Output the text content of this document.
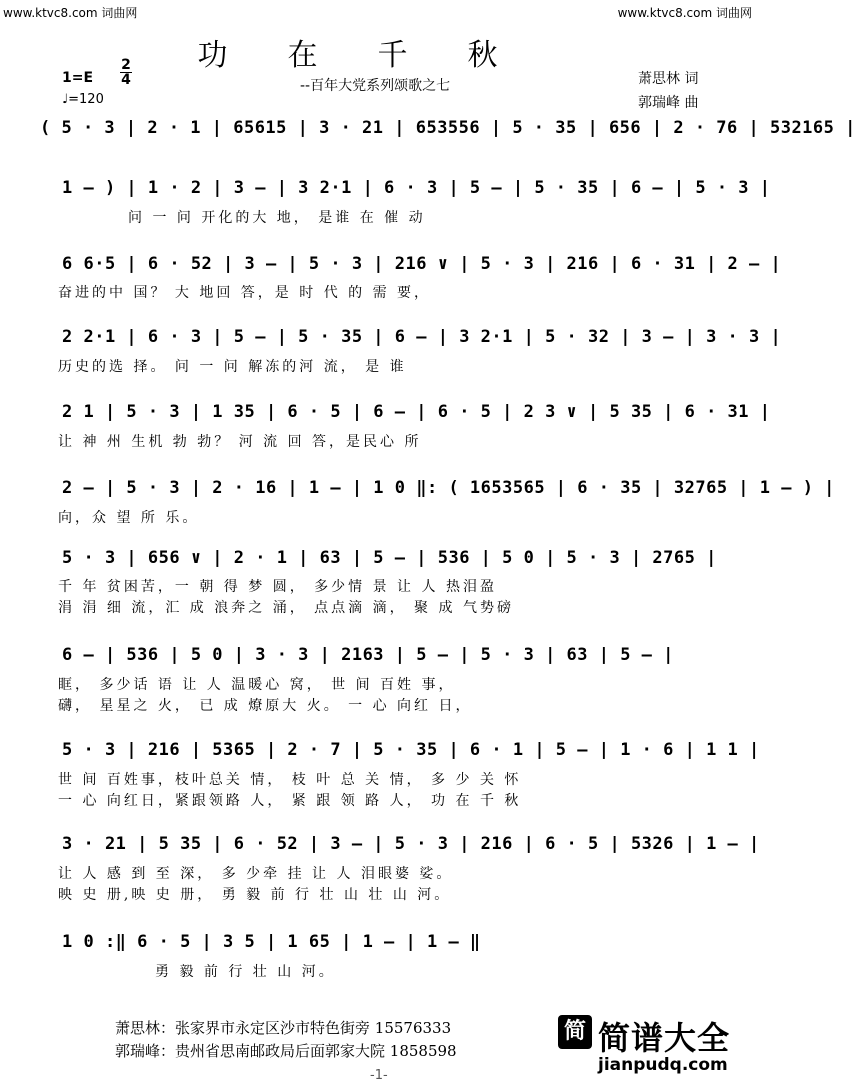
www.ktvc8.com 词曲网	www.ktvc8.com 词曲网
功在千秋
--百年大党系列颂歌之七	萧思林 词
郭瑞峰 曲
1=E
2
4
♩=120
( 5 · 3 | 2 · 1 | 65615 | 3 · 21 | 653556 | 5 · 35 | 656 | 2 · 76 | 532165 |
1 – ) | 1 · 2 | 3 – | 3 2·1 | 6 · 3 | 5 – | 5 · 35 | 6 – | 5 · 3 |
问 一 问 开化的大 地， 是谁 在 催 动
6 6·5 | 6 · 52 | 3 – | 5 · 3 | 216 ∨ | 5 · 3 | 216 | 6 · 31 | 2 – |
奋进的中 国？ 大 地回 答，是 时 代 的 需 要，
2 2·1 | 6 · 3 | 5 – | 5 · 35 | 6 – | 3 2·1 | 5 · 32 | 3 – | 3 · 3 |
历史的选 择。 问 一 问 解冻的河 流， 是 谁
2 1 | 5 · 3 | 1 35 | 6 · 5 | 6 – | 6 · 5 | 2 3 ∨ | 5 35 | 6 · 31 |
让 神 州 生机 勃 勃？ 河 流 回 答，是民心 所
2 – | 5 · 3 | 2 · 16 | 1 – | 1 0 ‖: ( 1653565 | 6 · 35 | 32765 | 1 – ) |
向，众 望 所 乐。
5 · 3 | 656 ∨ | 2 · 1 | 63 | 5 – | 536 | 5 0 | 5 · 3 | 2765 |
千 年 贫困苦，一 朝 得 梦 圆， 多少情 景 让 人 热泪盈
涓 涓 细 流，汇 成 浪奔之 涌， 点点滴 滴， 聚 成 气势磅
6 – | 536 | 5 0 | 3 · 3 | 2163 | 5 – | 5 · 3 | 63 | 5 – |
眶， 多少话 语 让 人 温暖心 窝， 世 间 百姓 事，
礴， 星星之 火， 已 成 燎原大 火。 一 心 向红 日，
5 · 3 | 216 | 5365 | 2 · 7 | 5 · 35 | 6 · 1 | 5 – | 1 · 6 | 1 1 |
世 间 百姓事，枝叶总关 情， 枝 叶 总 关 情， 多 少 关 怀
一 心 向红日，紧跟领路 人， 紧 跟 领 路 人， 功 在 千 秋
3 · 21 | 5 35 | 6 · 52 | 3 – | 5 · 3 | 216 | 6 · 5 | 5326 | 1 – |
让 人 感 到 至 深， 多 少牵 挂 让 人 泪眼婆 娑。
映 史 册,映 史 册， 勇 毅 前 行 壮 山 壮 山 河。
1 0 :‖ 6 · 5 | 3 5 | 1 65 | 1 – | 1 – ‖
勇 毅 前 行 壮 山 河。
萧思林：张家界市永定区沙市特色街旁 15576333
郭瑞峰：贵州省思南邮政局后面郭家大院 1858598
简 简谱大全
jianpudq.com
-1-
